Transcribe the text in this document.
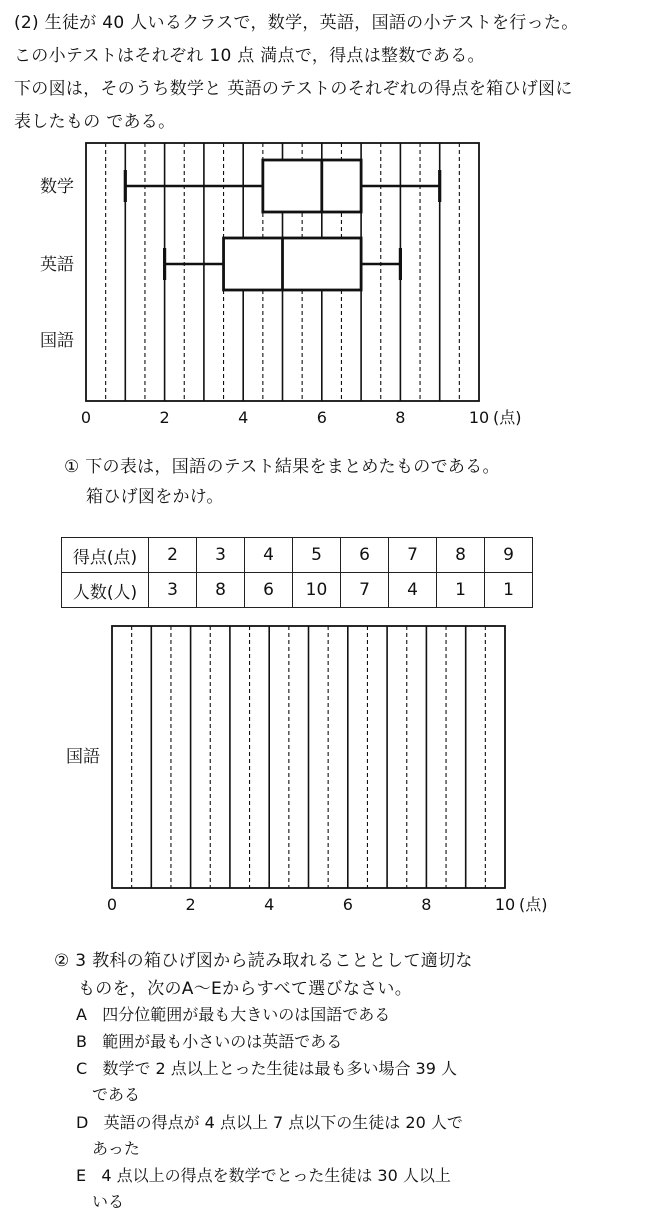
(2) 生徒が 40 人いるクラスで，数学，英語，国語の小テストを行った。
この小テストはそれぞれ 10 点 満点で，得点は整数である。
下の図は，そのうち数学と 英語のテストのそれぞれの得点を箱ひげ図に
表したもの である。
0	2	4	6	8	10 (点)
数学
英語
国語
① 下の表は，国語のテスト結果をまとめたものである。
箱ひげ図をかけ。
得点(点)	2	3	4	5	6	7	8	9
人数(人)	3	8	6	10	7	4	1	1
0	2	4	6	8	10 (点)
国語
② 3 教科の箱ひげ図から読み取れることとして適切な
ものを，次のA～Eからすべて選びなさい。
A 四分位範囲が最も大きいのは国語である
B 範囲が最も小さいのは英語である
C 数学で 2 点以上とった生徒は最も多い場合 39 人
である
D 英語の得点が 4 点以上 7 点以下の生徒は 20 人で
あった
E 4 点以上の得点を数学でとった生徒は 30 人以上
いる
